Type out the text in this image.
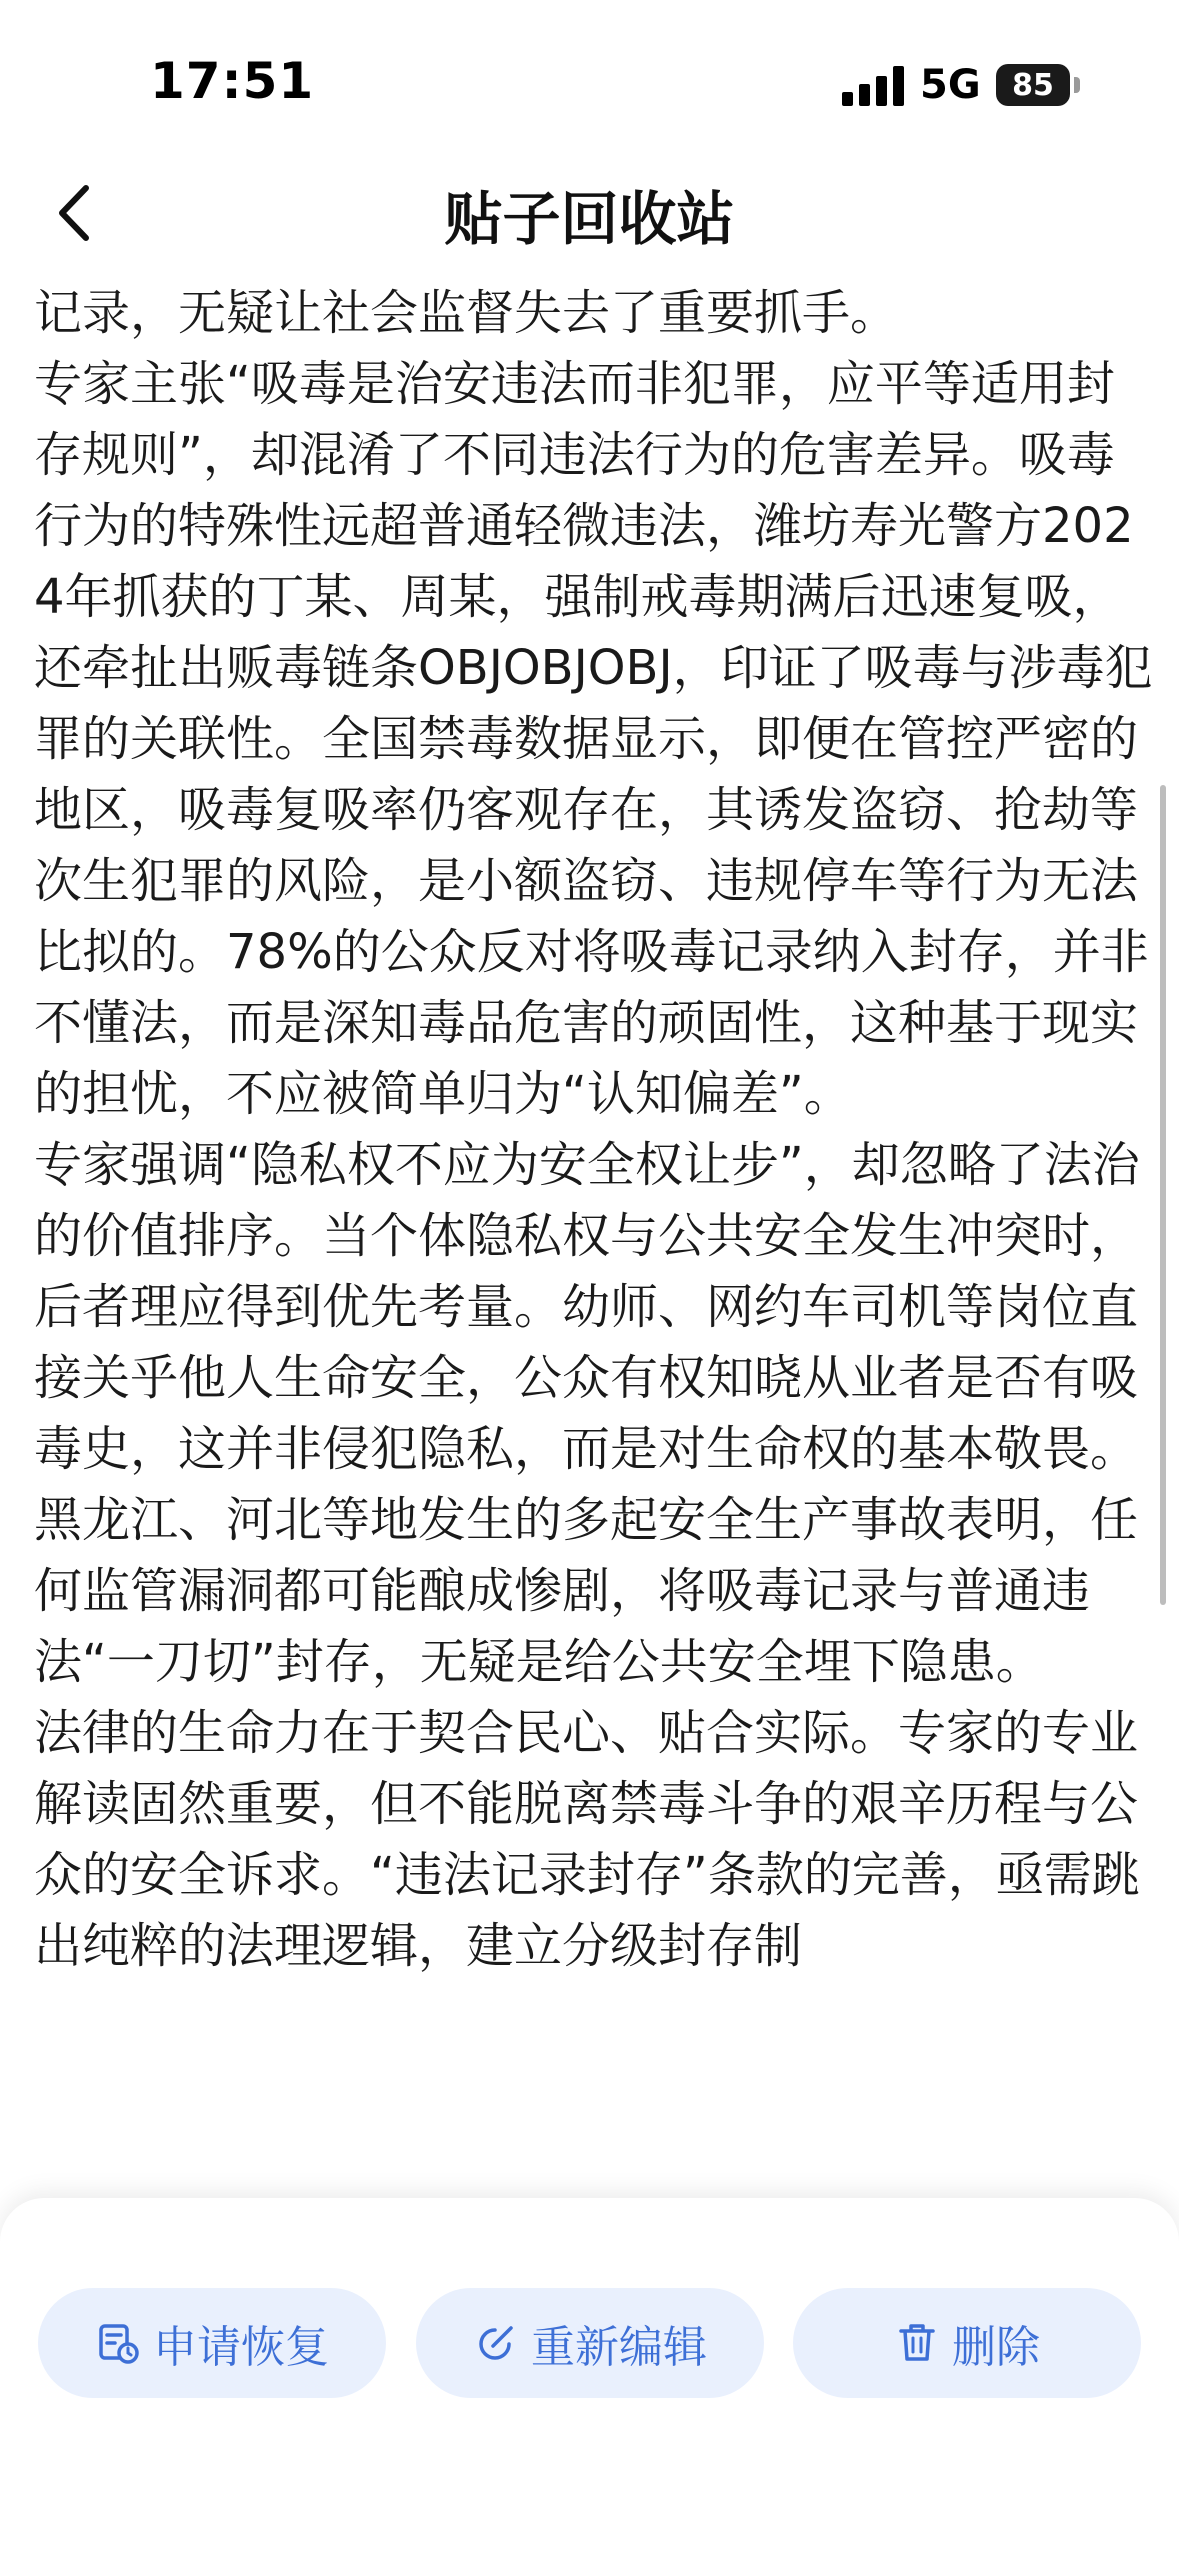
17:51	5G 85
贴子回收站

记录，无疑让社会监督失去了重要抓手。

专家主张“吸毒是治安违法而非犯罪，应平等适用封存规则”，却混淆了不同违法行为的危害差异。吸毒行为的特殊性远超普通轻微违法，潍坊寿光警方2024年抓获的丁某、周某，强制戒毒期满后迅速复吸，还牵扯出贩毒链条OBJOBJOBJ，印证了吸毒与涉毒犯罪的关联性。全国禁毒数据显示，即便在管控严密的地区，吸毒复吸率仍客观存在，其诱发盗窃、抢劫等次生犯罪的风险，是小额盗窃、违规停车等行为无法比拟的。78%的公众反对将吸毒记录纳入封存，并非不懂法，而是深知毒品危害的顽固性，这种基于现实的担忧，不应被简单归为“认知偏差”。

专家强调“隐私权不应为安全权让步”，却忽略了法治的价值排序。当个体隐私权与公共安全发生冲突时，后者理应得到优先考量。幼师、网约车司机等岗位直接关乎他人生命安全，公众有权知晓从业者是否有吸毒史，这并非侵犯隐私，而是对生命权的基本敬畏。黑龙江、河北等地发生的多起安全生产事故表明，任何监管漏洞都可能酿成惨剧，将吸毒记录与普通违法“一刀切”封存，无疑是给公共安全埋下隐患。

法律的生命力在于契合民心、贴合实际。专家的专业解读固然重要，但不能脱离禁毒斗争的艰辛历程与公众的安全诉求。“违法记录封存”条款的完善，亟需跳出纯粹的法理逻辑，建立分级封存制

申请恢复	重新编辑	删除
